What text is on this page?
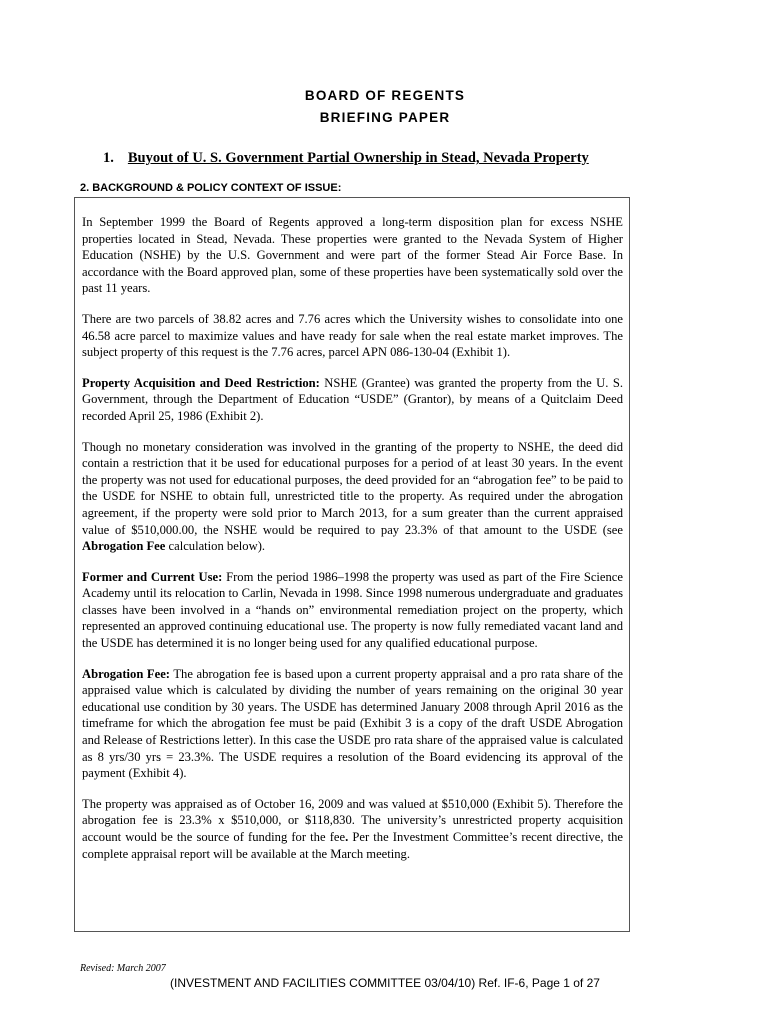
BOARD OF REGENTS
BRIEFING PAPER
1. Buyout of U. S. Government Partial Ownership in Stead, Nevada Property
2. BACKGROUND & POLICY CONTEXT OF ISSUE:

In September 1999 the Board of Regents approved a long-term disposition plan for excess NSHE properties located in Stead, Nevada. These properties were granted to the Nevada System of Higher Education (NSHE) by the U.S. Government and were part of the former Stead Air Force Base. In accordance with the Board approved plan, some of these properties have been systematically sold over the past 11 years.

There are two parcels of 38.82 acres and 7.76 acres which the University wishes to consolidate into one 46.58 acre parcel to maximize values and have ready for sale when the real estate market improves. The subject property of this request is the 7.76 acres, parcel APN 086-130-04 (Exhibit 1).

Property Acquisition and Deed Restriction: NSHE (Grantee) was granted the property from the U. S. Government, through the Department of Education “USDE” (Grantor), by means of a Quitclaim Deed recorded April 25, 1986 (Exhibit 2).

Though no monetary consideration was involved in the granting of the property to NSHE, the deed did contain a restriction that it be used for educational purposes for a period of at least 30 years. In the event the property was not used for educational purposes, the deed provided for an “abrogation fee” to be paid to the USDE for NSHE to obtain full, unrestricted title to the property. As required under the abrogation agreement, if the property were sold prior to March 2013, for a sum greater than the current appraised value of $510,000.00, the NSHE would be required to pay 23.3% of that amount to the USDE (see Abrogation Fee calculation below).

Former and Current Use: From the period 1986–1998 the property was used as part of the Fire Science Academy until its relocation to Carlin, Nevada in 1998. Since 1998 numerous undergraduate and graduates classes have been involved in a “hands on” environmental remediation project on the property, which represented an approved continuing educational use. The property is now fully remediated vacant land and the USDE has determined it is no longer being used for any qualified educational purpose.

Abrogation Fee: The abrogation fee is based upon a current property appraisal and a pro rata share of the appraised value which is calculated by dividing the number of years remaining on the original 30 year educational use condition by 30 years. The USDE has determined January 2008 through April 2016 as the timeframe for which the abrogation fee must be paid (Exhibit 3 is a copy of the draft USDE Abrogation and Release of Restrictions letter). In this case the USDE pro rata share of the appraised value is calculated as 8 yrs/30 yrs = 23.3%. The USDE requires a resolution of the Board evidencing its approval of the payment (Exhibit 4).

The property was appraised as of October 16, 2009 and was valued at $510,000 (Exhibit 5). Therefore the abrogation fee is 23.3% x $510,000, or $118,830. The university’s unrestricted property acquisition account would be the source of funding for the fee. Per the Investment Committee’s recent directive, the complete appraisal report will be available at the March meeting.

Revised: March 2007
(INVESTMENT AND FACILITIES COMMITTEE 03/04/10) Ref. IF-6, Page 1 of 27
